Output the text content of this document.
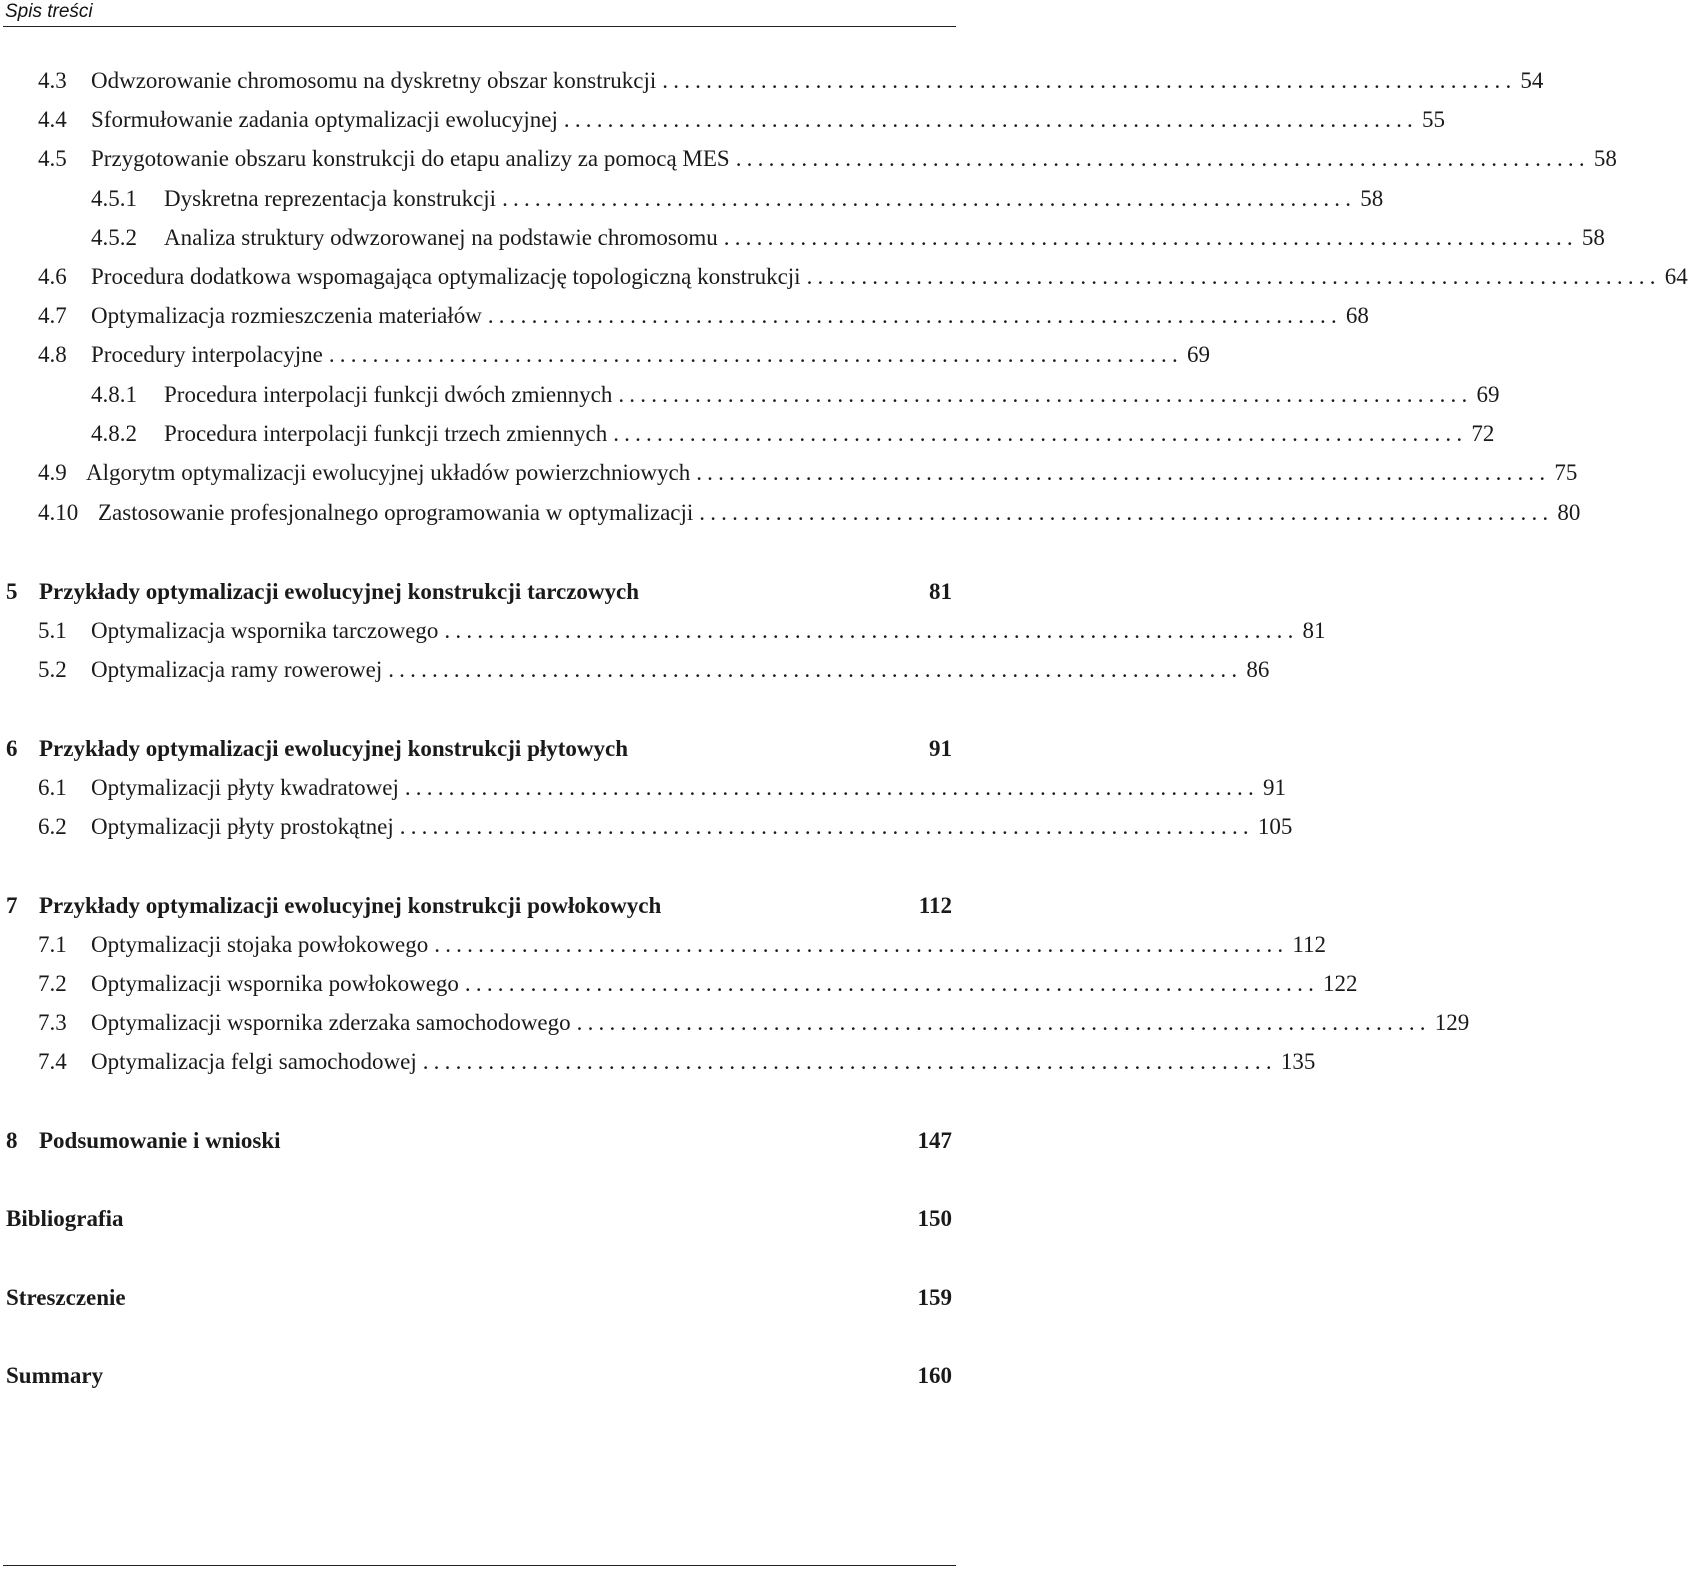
Spis treści
4.3	Odwzorowanie chromosomu na dyskretny obszar konstrukcji .............................................................................. 54
4.4	Sformułowanie zadania optymalizacji ewolucyjnej .............................................................................. 55
4.5	Przygotowanie obszaru konstrukcji do etapu analizy za pomocą MES .............................................................................. 58
4.5.1	Dyskretna reprezentacja konstrukcji .............................................................................. 58
4.5.2	Analiza struktury odwzorowanej na podstawie chromosomu .............................................................................. 58
4.6	Procedura dodatkowa wspomagająca optymalizację topologiczną konstrukcji .............................................................................. 64
4.7	Optymalizacja rozmieszczenia materiałów .............................................................................. 68
4.8	Procedury interpolacyjne .............................................................................. 69
4.8.1	Procedura interpolacji funkcji dwóch zmiennych .............................................................................. 69
4.8.2	Procedura interpolacji funkcji trzech zmiennych .............................................................................. 72
4.9 Algorytm optymalizacji ewolucyjnej układów powierzchniowych .............................................................................. 75
4.10 Zastosowanie profesjonalnego oprogramowania w optymalizacji .............................................................................. 80
5 Przykłady optymalizacji ewolucyjnej konstrukcji tarczowych	81
5.1	Optymalizacja wspornika tarczowego .............................................................................. 81
5.2	Optymalizacja ramy rowerowej .............................................................................. 86
6 Przykłady optymalizacji ewolucyjnej konstrukcji płytowych	91
6.1	Optymalizacji płyty kwadratowej .............................................................................. 91
6.2	Optymalizacji płyty prostokątnej .............................................................................. 105
7 Przykłady optymalizacji ewolucyjnej konstrukcji powłokowych	112
7.1	Optymalizacji stojaka powłokowego .............................................................................. 112
7.2	Optymalizacji wspornika powłokowego .............................................................................. 122
7.3	Optymalizacji wspornika zderzaka samochodowego .............................................................................. 129
7.4	Optymalizacja felgi samochodowej .............................................................................. 135
8 Podsumowanie i wnioski	147
Bibliografia	150
Streszczenie	159
Summary	160
